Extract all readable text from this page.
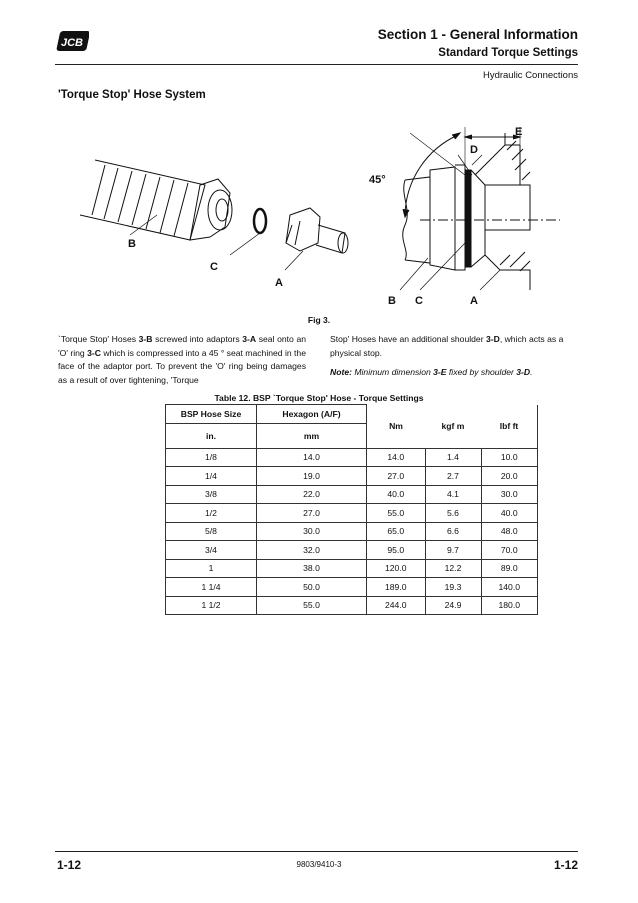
JCB
Section 1 - General Information
Standard Torque Settings
Hydraulic Connections
'Torque Stop' Hose System
B
C
A
E
D
45°
B C	A
Fig 3.
`Torque Stop' Hoses 3-B screwed into adaptors 3-A seal onto an 'O' ring 3-C which is compressed into a 45 ° seat machined in the face of the adaptor port. To prevent the 'O' ring being damages as a result of over tightening, 'Torque
Stop' Hoses have an additional shoulder 3-D, which acts as a physical stop.
Note: Minimum dimension 3-E fixed by shoulder 3-D.
Table 12. BSP `Torque Stop' Hose - Torque Settings
BSP Hose Size	Hexagon (A/F)	Nm	kgf m	lbf ft
in.	mm			
1/8	14.0	14.0	1.4	10.0
1/4	19.0	27.0	2.7	20.0
3/8	22.0	40.0	4.1	30.0
1/2	27.0	55.0	5.6	40.0
5/8	30.0	65.0	6.6	48.0
3/4	32.0	95.0	9.7	70.0
1	38.0	120.0	12.2	89.0
1 1/4	50.0	189.0	19.3	140.0
1 1/2	55.0	244.0	24.9	180.0
1-12	9803/9410-3	1-12
